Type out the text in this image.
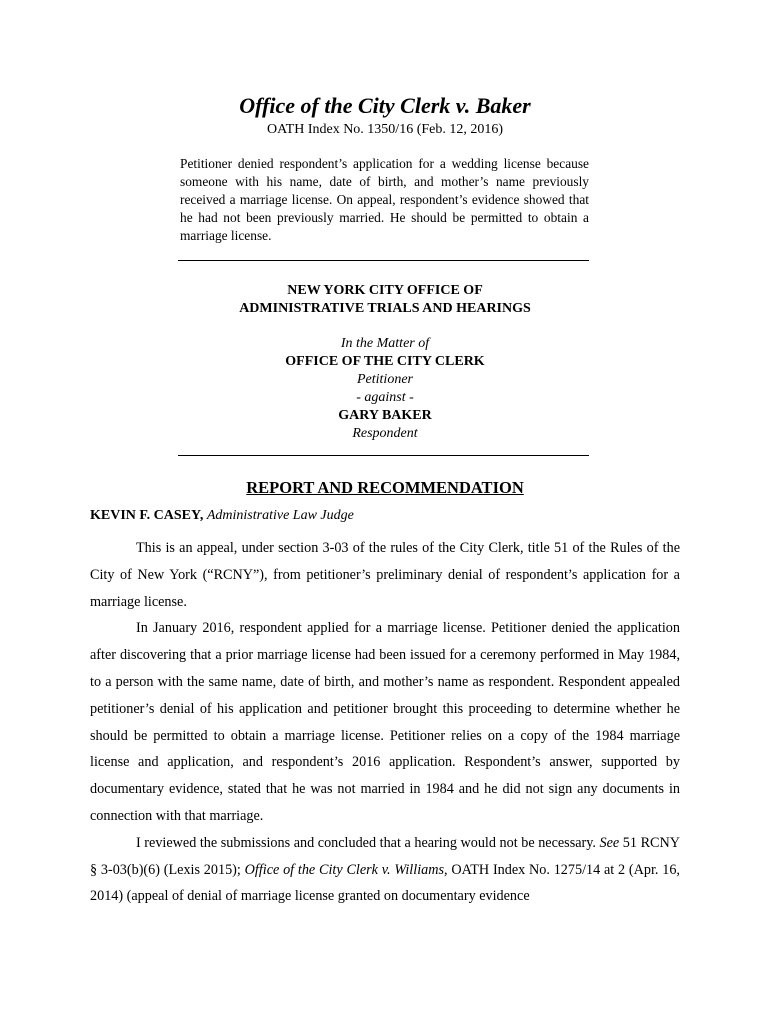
Office of the City Clerk v. Baker

OATH Index No. 1350/16 (Feb. 12, 2016)

Petitioner denied respondent’s application for a wedding license because someone with his name, date of birth, and mother’s name previously received a marriage license. On appeal, respondent’s evidence showed that he had not been previously married. He should be permitted to obtain a marriage license.

NEW YORK CITY OFFICE OF
ADMINISTRATIVE TRIALS AND HEARINGS
In the Matter of
OFFICE OF THE CITY CLERK
Petitioner
- against -
GARY BAKER
Respondent
REPORT AND RECOMMENDATION

KEVIN F. CASEY, Administrative Law Judge

This is an appeal, under section 3-03 of the rules of the City Clerk, title 51 of the Rules of the City of New York (“RCNY”), from petitioner’s preliminary denial of respondent’s application for a marriage license.

In January 2016, respondent applied for a marriage license. Petitioner denied the application after discovering that a prior marriage license had been issued for a ceremony performed in May 1984, to a person with the same name, date of birth, and mother’s name as respondent. Respondent appealed petitioner’s denial of his application and petitioner brought this proceeding to determine whether he should be permitted to obtain a marriage license. Petitioner relies on a copy of the 1984 marriage license and application, and respondent’s 2016 application. Respondent’s answer, supported by documentary evidence, stated that he was not married in 1984 and he did not sign any documents in connection with that marriage.

I reviewed the submissions and concluded that a hearing would not be necessary. See 51 RCNY § 3-03(b)(6) (Lexis 2015); Office of the City Clerk v. Williams, OATH Index No. 1275/14 at 2 (Apr. 16, 2014) (appeal of denial of marriage license granted on documentary evidence
